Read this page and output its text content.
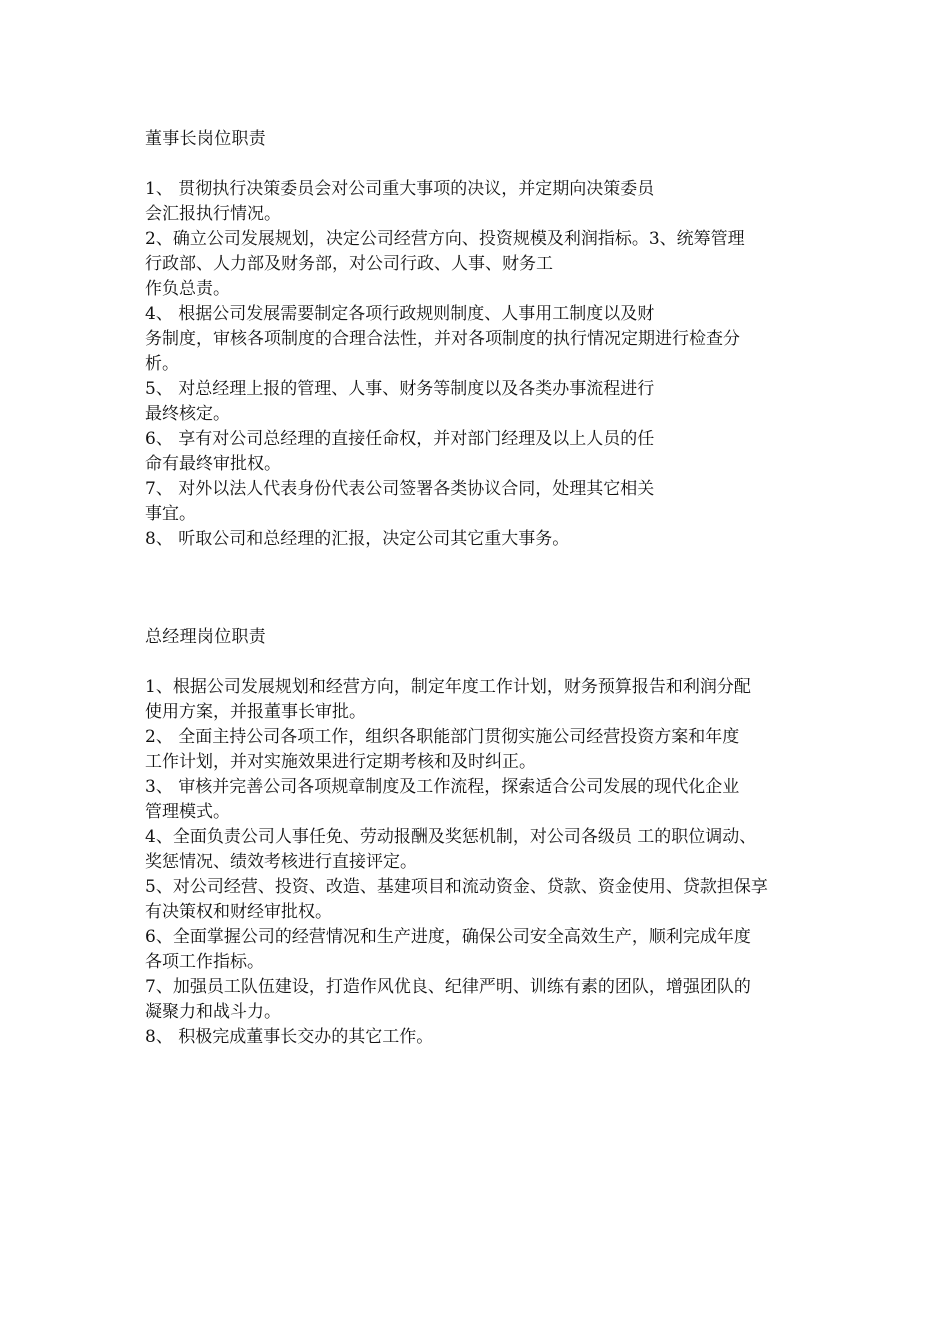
董事长岗位职责
1、 贯彻执行决策委员会对公司重大事项的决议，并定期向决策委员
会汇报执行情况。
2、确立公司发展规划，决定公司经营方向、投资规模及利润指标。3、统筹管理
行政部、人力部及财务部，对公司行政、人事、财务工
作负总责。
4、 根据公司发展需要制定各项行政规则制度、人事用工制度以及财
务制度，审核各项制度的合理合法性，并对各项制度的执行情况定期进行检查分
析。
5、 对总经理上报的管理、人事、财务等制度以及各类办事流程进行
最终核定。
6、 享有对公司总经理的直接任命权，并对部门经理及以上人员的任
命有最终审批权。
7、 对外以法人代表身份代表公司签署各类协议合同，处理其它相关
事宜。
8、 听取公司和总经理的汇报，决定公司其它重大事务。
总经理岗位职责
1、根据公司发展规划和经营方向，制定年度工作计划，财务预算报告和利润分配
使用方案，并报董事长审批。
2、 全面主持公司各项工作，组织各职能部门贯彻实施公司经营投资方案和年度
工作计划，并对实施效果进行定期考核和及时纠正。
3、 审核并完善公司各项规章制度及工作流程，探索适合公司发展的现代化企业
管理模式。
4、全面负责公司人事任免、劳动报酬及奖惩机制，对公司各级员 工的职位调动、
奖惩情况、绩效考核进行直接评定。
5、对公司经营、投资、改造、基建项目和流动资金、贷款、资金使用、贷款担保享
有决策权和财经审批权。
6、全面掌握公司的经营情况和生产进度，确保公司安全高效生产，顺利完成年度
各项工作指标。
7、加强员工队伍建设，打造作风优良、纪律严明、训练有素的团队，增强团队的
凝聚力和战斗力。
8、 积极完成董事长交办的其它工作。
